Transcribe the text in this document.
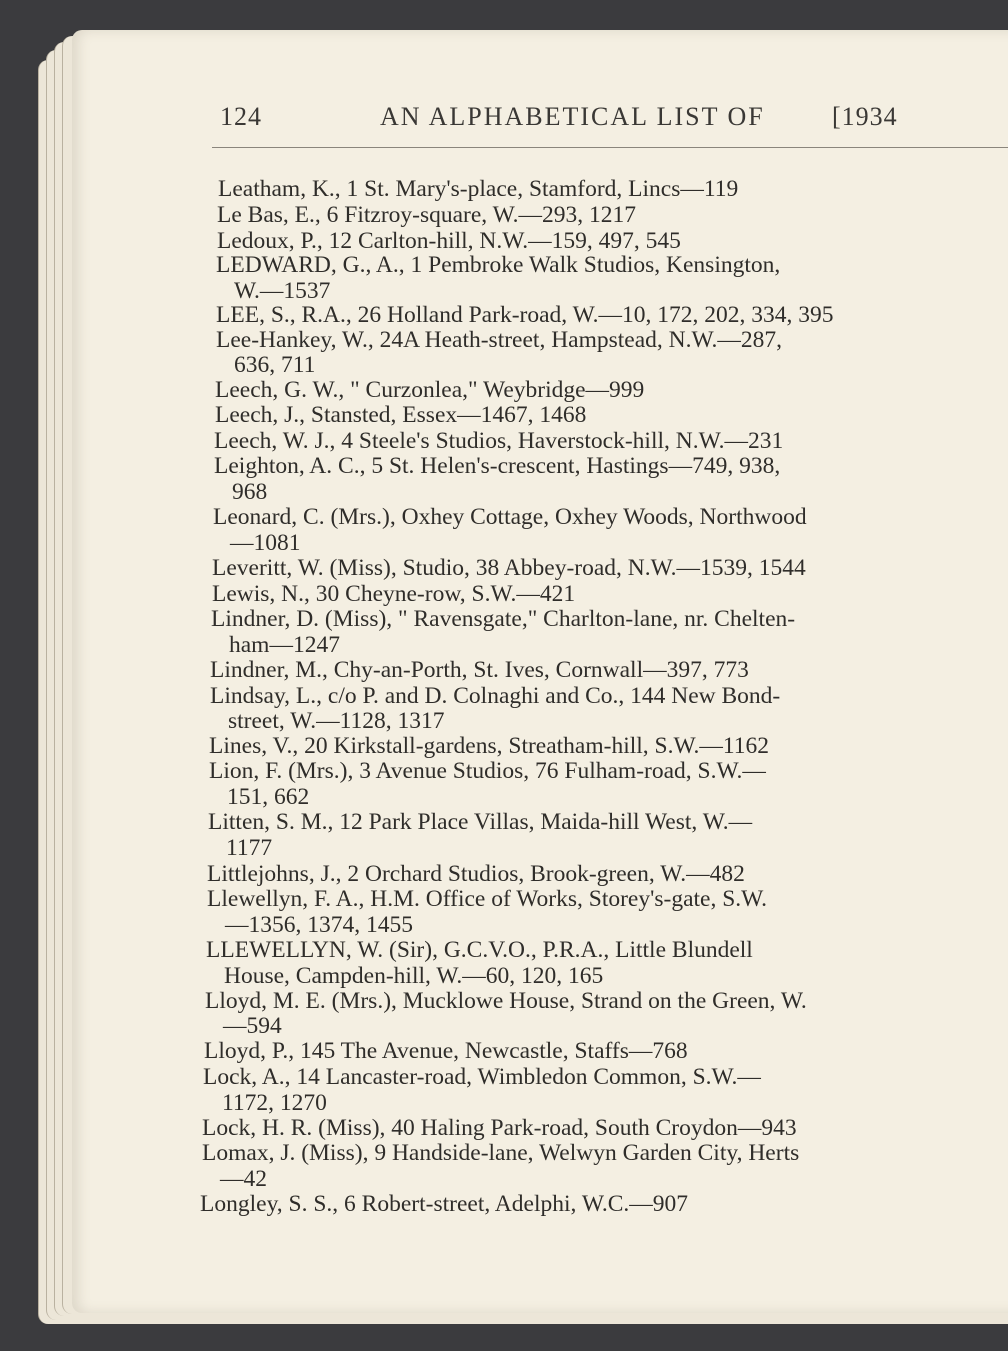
124	AN ALPHABETICAL LIST OF	[1934
Leatham, K., 1 St. Mary's-place, Stamford, Lincs—119
Le Bas, E., 6 Fitzroy-square, W.—293, 1217
Ledoux, P., 12 Carlton-hill, N.W.—159, 497, 545
LEDWARD, G., A., 1 Pembroke Walk Studios, Kensington,
W.—1537
LEE, S., R.A., 26 Holland Park-road, W.—10, 172, 202, 334, 395
Lee-Hankey, W., 24A Heath-street, Hampstead, N.W.—287,
636, 711
Leech, G. W., " Curzonlea," Weybridge—999
Leech, J., Stansted, Essex—1467, 1468
Leech, W. J., 4 Steele's Studios, Haverstock-hill, N.W.—231
Leighton, A. C., 5 St. Helen's-crescent, Hastings—749, 938,
968
Leonard, C. (Mrs.), Oxhey Cottage, Oxhey Woods, Northwood
—1081
Leveritt, W. (Miss), Studio, 38 Abbey-road, N.W.—1539, 1544
Lewis, N., 30 Cheyne-row, S.W.—421
Lindner, D. (Miss), " Ravensgate," Charlton-lane, nr. Chelten-
ham—1247
Lindner, M., Chy-an-Porth, St. Ives, Cornwall—397, 773
Lindsay, L., c/o P. and D. Colnaghi and Co., 144 New Bond-
street, W.—1128, 1317
Lines, V., 20 Kirkstall-gardens, Streatham-hill, S.W.—1162
Lion, F. (Mrs.), 3 Avenue Studios, 76 Fulham-road, S.W.—
151, 662
Litten, S. M., 12 Park Place Villas, Maida-hill West, W.—
1177
Littlejohns, J., 2 Orchard Studios, Brook-green, W.—482
Llewellyn, F. A., H.M. Office of Works, Storey's-gate, S.W.
—1356, 1374, 1455
LLEWELLYN, W. (Sir), G.C.V.O., P.R.A., Little Blundell
House, Campden-hill, W.—60, 120, 165
Lloyd, M. E. (Mrs.), Mucklowe House, Strand on the Green, W.
—594
Lloyd, P., 145 The Avenue, Newcastle, Staffs—768
Lock, A., 14 Lancaster-road, Wimbledon Common, S.W.—
1172, 1270
Lock, H. R. (Miss), 40 Haling Park-road, South Croydon—943
Lomax, J. (Miss), 9 Handside-lane, Welwyn Garden City, Herts
—42
Longley, S. S., 6 Robert-street, Adelphi, W.C.—907
